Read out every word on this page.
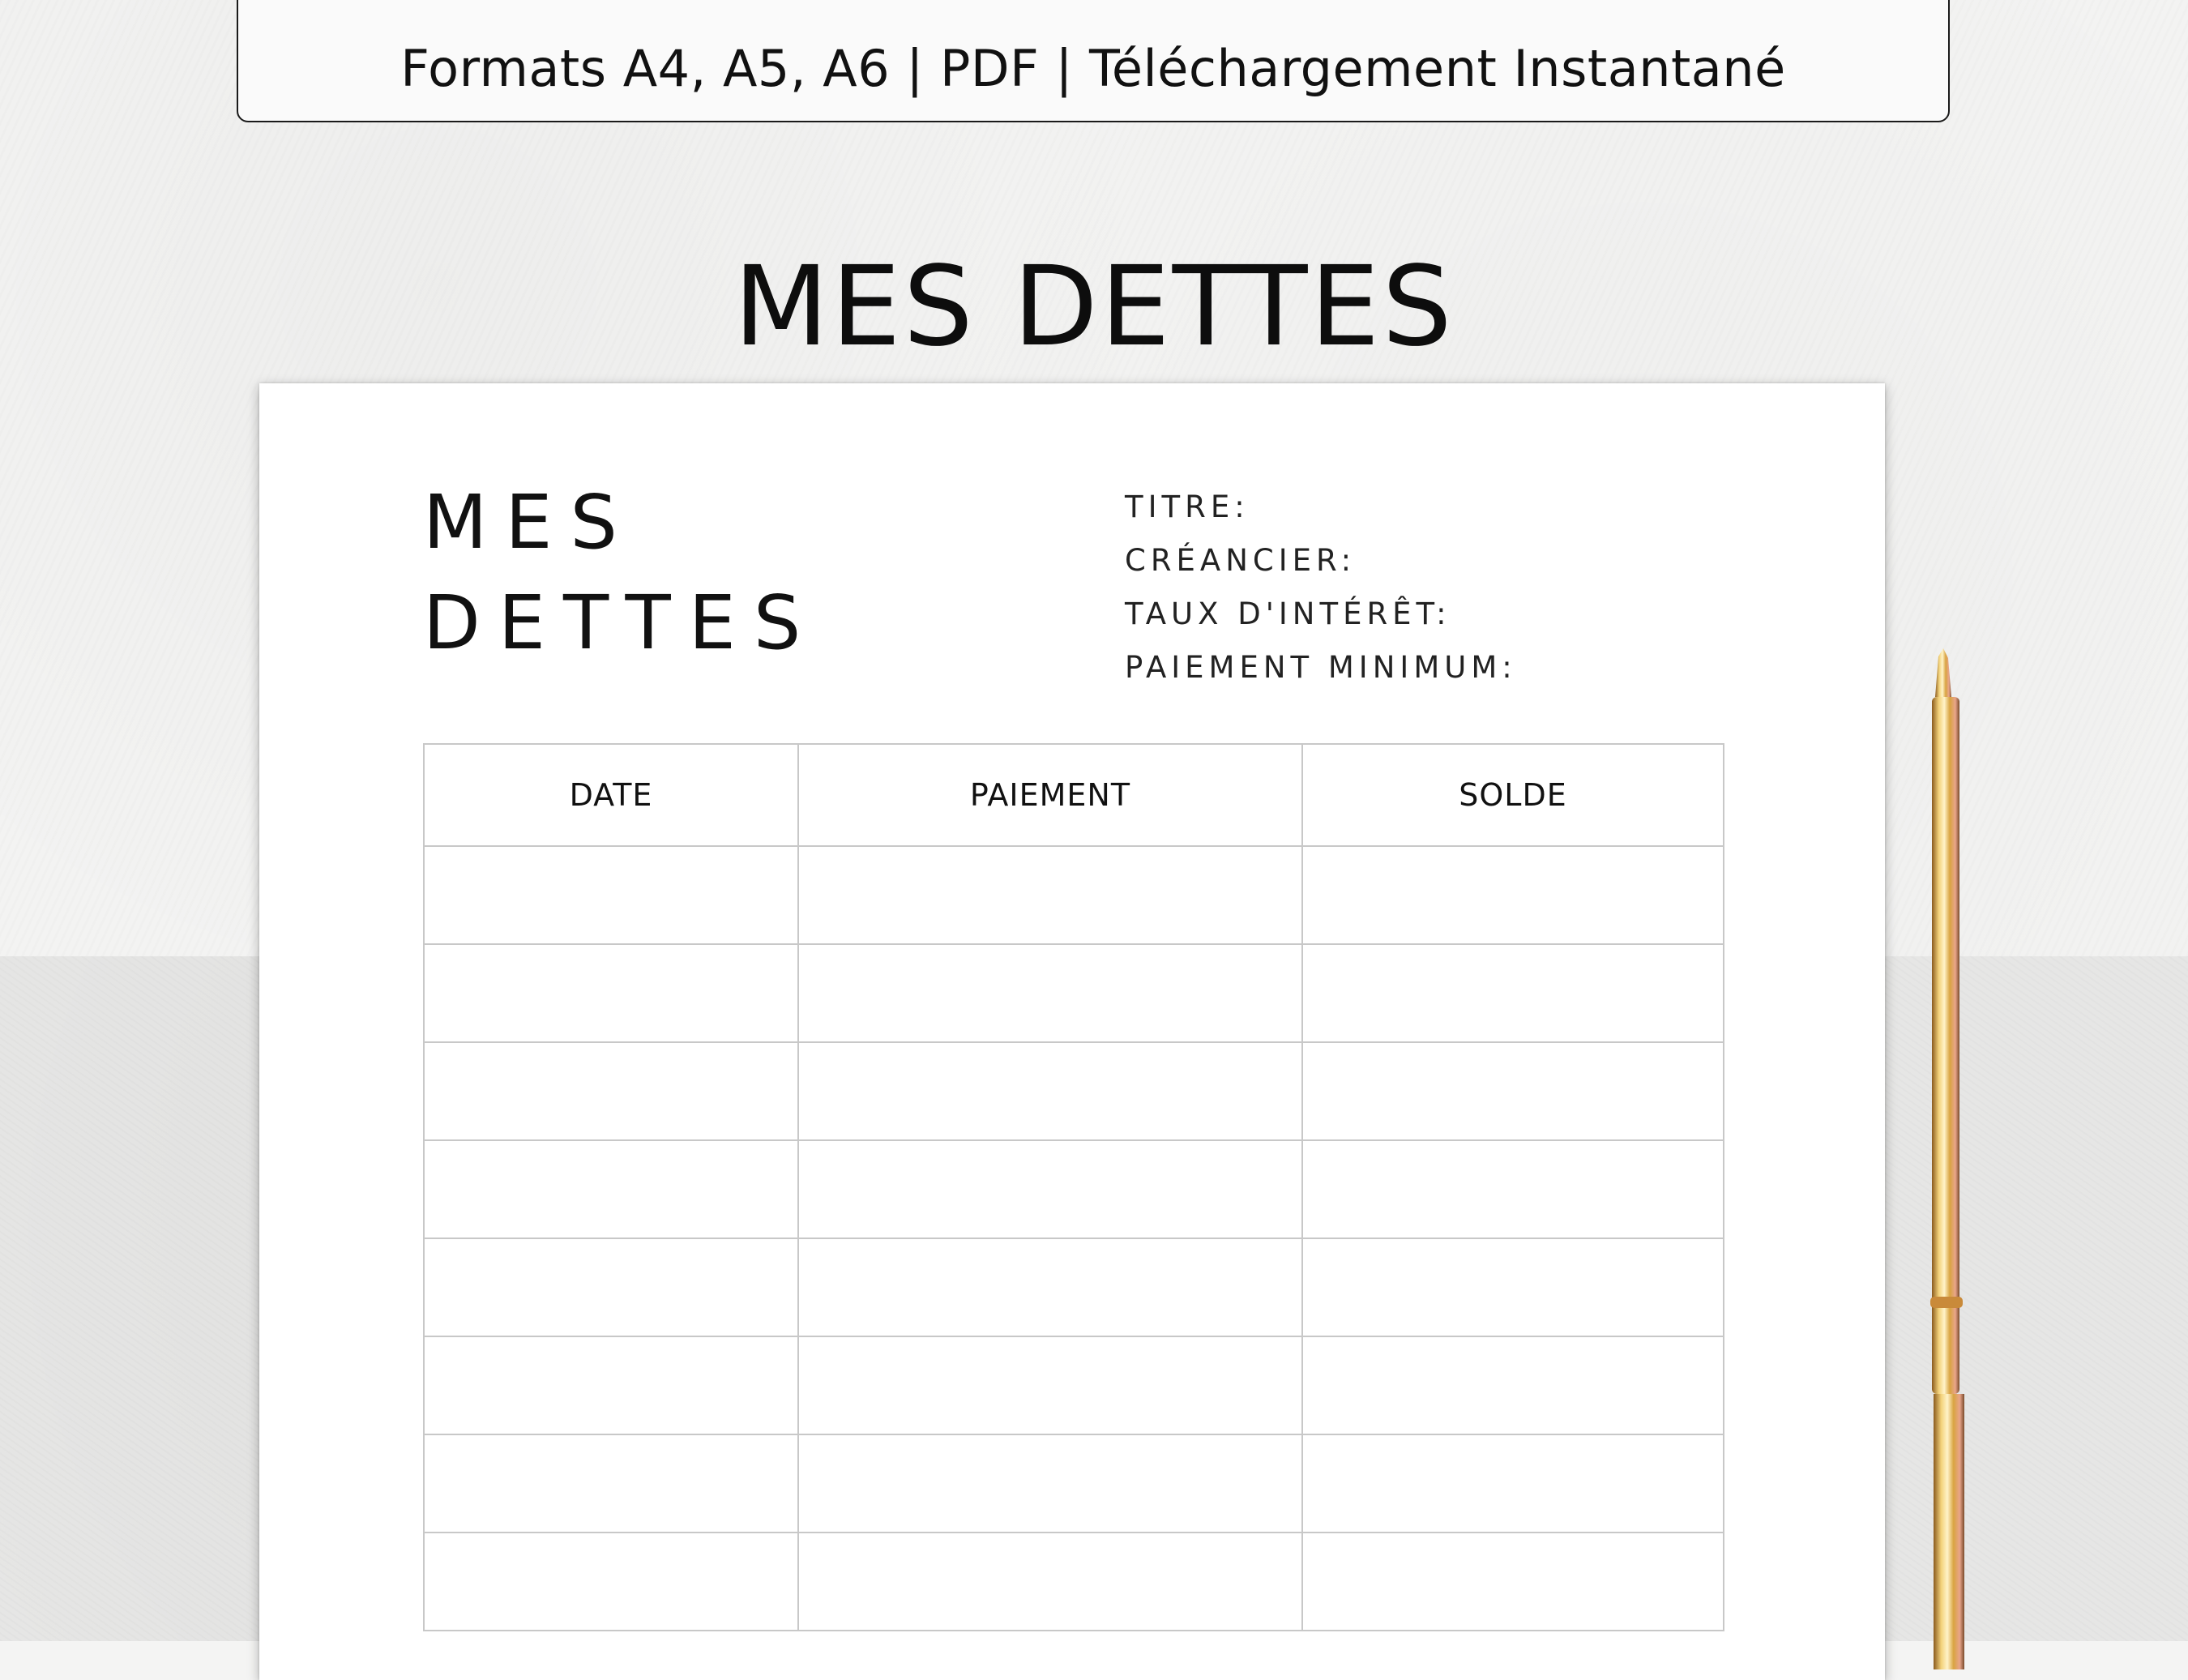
Formats A4, A5, A6 | PDF | Téléchargement Instantané
MES DETTES
MES
DETTES
TITRE:
CRÉANCIER:
TAUX D'INTÉRÊT:
PAIEMENT MINIMUM:
DATE	PAIEMENT	SOLDE
